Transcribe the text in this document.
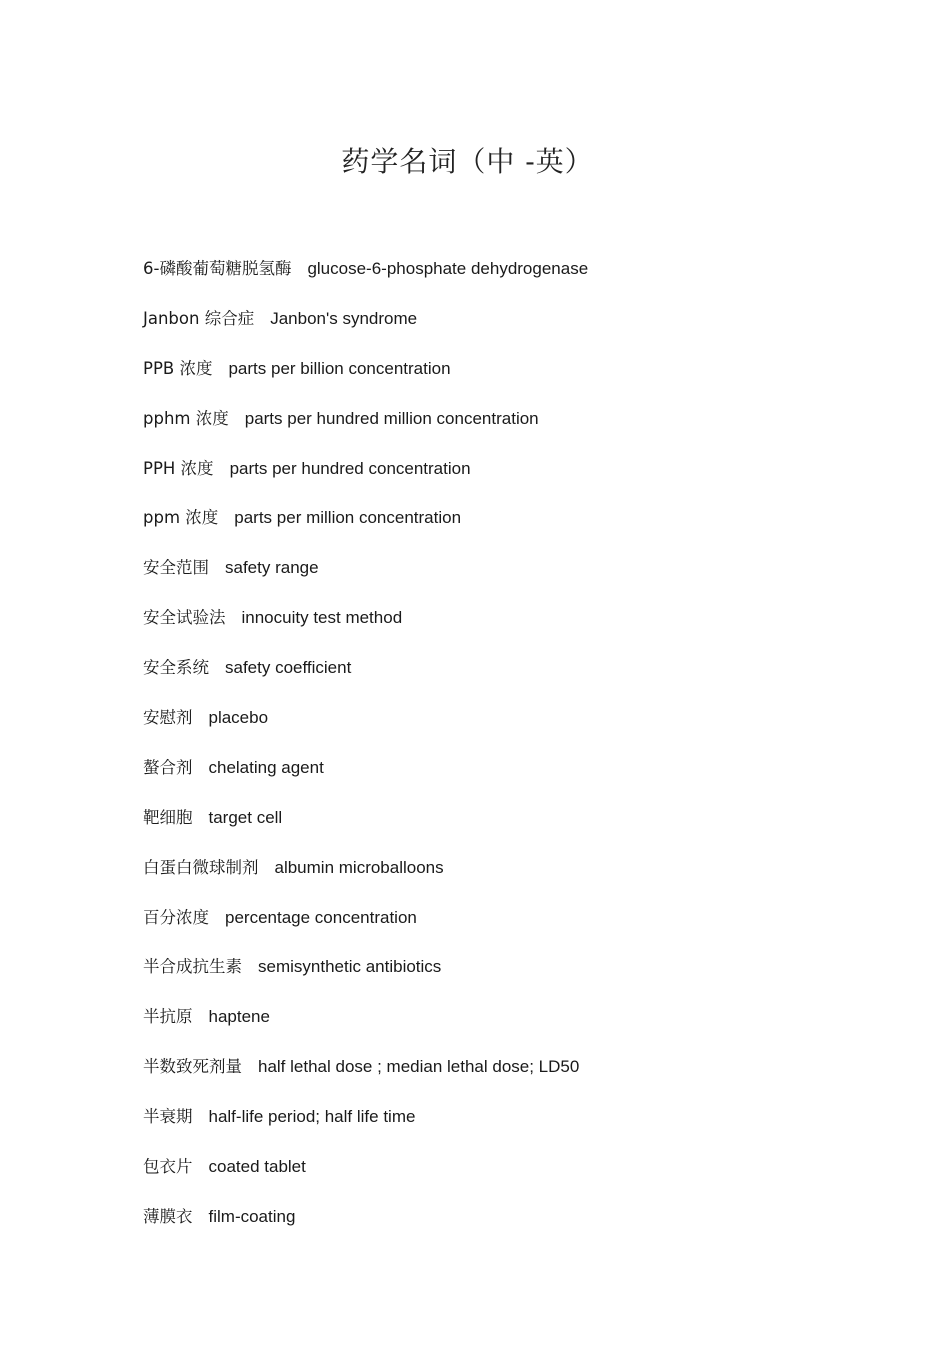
药学名词（中 -英）
6-磷酸葡萄糖脱氢酶 glucose-6-phosphate dehydrogenase
Janbon 综合症 Janbon's syndrome
PPB 浓度 parts per billion concentration
pphm 浓度 parts per hundred million concentration
PPH 浓度 parts per hundred concentration
ppm 浓度 parts per million concentration
安全范围 safety range
安全试验法 innocuity test method
安全系统 safety coefficient
安慰剂 placebo
螯合剂 chelating agent
靶细胞 target cell
白蛋白微球制剂 albumin microballoons
百分浓度 percentage concentration
半合成抗生素 semisynthetic antibiotics
半抗原 haptene
半数致死剂量 half lethal dose ; median lethal dose; LD50
半衰期 half-life period; half life time
包衣片 coated tablet
薄膜衣 film-coating
